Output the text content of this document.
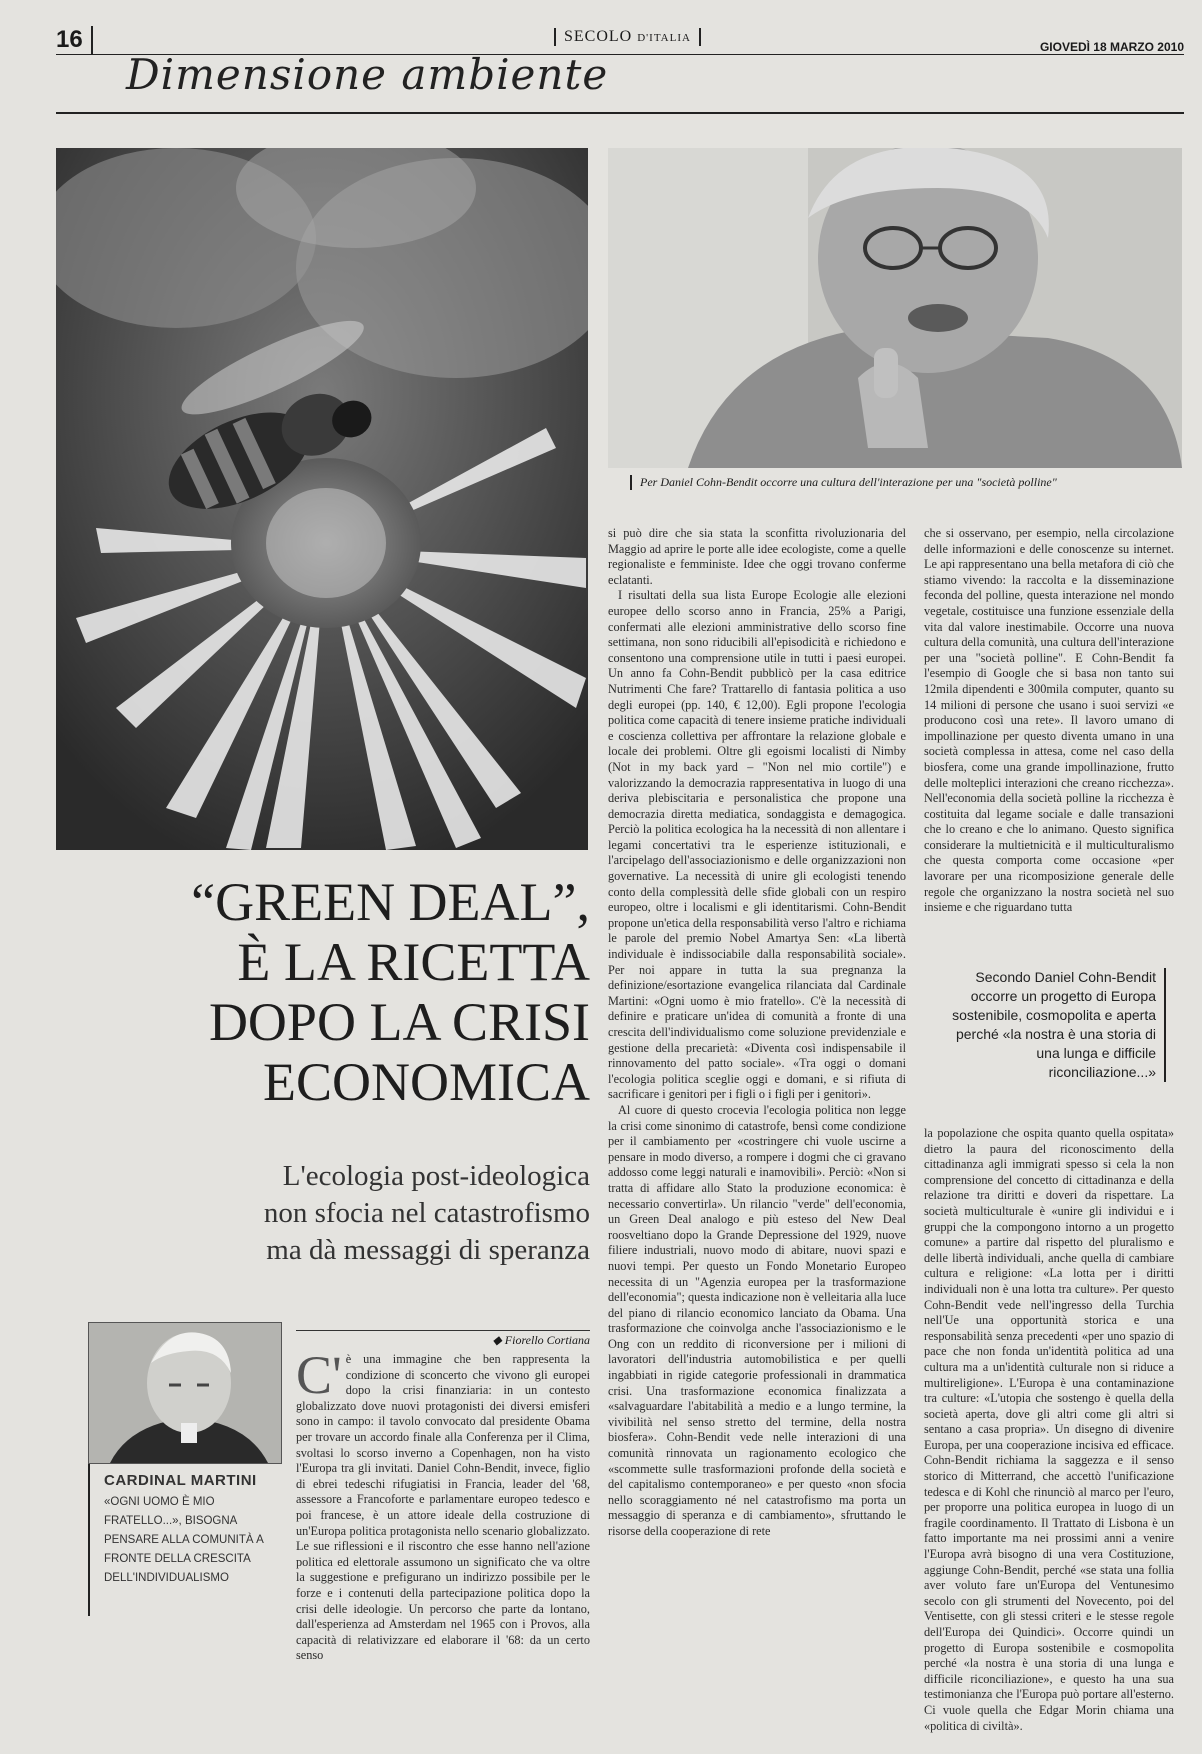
16
Dimensione ambiente
SECOLO D'ITALIA
GIOVEDÌ 18 MARZO 2010
Per Daniel Cohn-Bendit occorre una cultura dell'interazione per una "società polline"
“GREEN DEAL”,
È LA RICETTA
DOPO LA CRISI
ECONOMICA
L'ecologia post-ideologica
non sfocia nel catastrofismo
ma dà messaggi di speranza
CARDINAL MARTINI
«OGNI UOMO È MIO FRATELLO...», BISOGNA PENSARE ALLA COMUNITÀ A FRONTE DELLA CRESCITA DELL'INDIVIDUALISMO
◆ Fiorello Cortiana
C' è una immagine che ben rappresenta la condizione di sconcerto che vivono gli europei dopo la crisi finanziaria: in un contesto globalizzato dove nuovi protagonisti dei diversi emisferi sono in campo: il tavolo convocato dal presidente Obama per trovare un accordo finale alla Conferenza per il Clima, svoltasi lo scorso inverno a Copenhagen, non ha visto l'Europa tra gli invitati. Daniel Cohn-Bendit, invece, figlio di ebrei tedeschi rifugiatisi in Francia, leader del '68, assessore a Francoforte e parlamentare europeo tedesco e poi francese, è un attore ideale della costruzione di un'Europa politica protagonista nello scenario globalizzato. Le sue riflessioni e il riscontro che esse hanno nell'azione politica ed elettorale assumono un significato che va oltre la suggestione e prefigurano un indirizzo possibile per le forze e i contenuti della partecipazione politica dopo la crisi delle ideologie. Un percorso che parte da lontano, dall'esperienza ad Amsterdam nel 1965 con i Provos, alla capacità di relativizzare ed elaborare il '68: da un certo senso

si può dire che sia stata la sconfitta rivoluzionaria del Maggio ad aprire le porte alle idee ecologiste, come a quelle regionaliste e femministe. Idee che oggi trovano conferme eclatanti.

I risultati della sua lista Europe Ecologie alle elezioni europee dello scorso anno in Francia, 25% a Parigi, confermati alle elezioni amministrative dello scorso fine settimana, non sono riducibili all'episodicità e richiedono e consentono una comprensione utile in tutti i paesi europei. Un anno fa Cohn-Bendit pubblicò per la casa editrice Nutrimenti Che fare? Trattarello di fantasia politica a uso degli europei (pp. 140, € 12,00). Egli propone l'ecologia politica come capacità di tenere insieme pratiche individuali e coscienza collettiva per affrontare la relazione globale e locale dei problemi. Oltre gli egoismi localisti di Nimby (Not in my back yard – "Non nel mio cortile") e valorizzando la democrazia rappresentativa in luogo di una deriva plebiscitaria e personalistica che propone una democrazia diretta mediatica, sondaggista e demagogica. Perciò la politica ecologica ha la necessità di non allentare i legami concertativi tra le esperienze istituzionali, e l'arcipelago dell'associazionismo e delle organizzazioni non governative. La necessità di unire gli ecologisti tenendo conto della complessità delle sfide globali con un respiro europeo, oltre i localismi e gli identitarismi. Cohn-Bendit propone un'etica della responsabilità verso l'altro e richiama le parole del premio Nobel Amartya Sen: «La libertà individuale è indissociabile dalla responsabilità sociale». Per noi appare in tutta la sua pregnanza la definizione/esortazione evangelica rilanciata dal Cardinale Martini: «Ogni uomo è mio fratello». C'è la necessità di definire e praticare un'idea di comunità a fronte di una crescita dell'individualismo come soluzione previdenziale e gestione della precarietà: «Diventa così indispensabile il rinnovamento del patto sociale». «Tra oggi o domani l'ecologia politica sceglie oggi e domani, e si rifiuta di sacrificare i genitori per i figli o i figli per i genitori».

Al cuore di questo crocevia l'ecologia politica non legge la crisi come sinonimo di catastrofe, bensì come condizione per il cambiamento per «costringere chi vuole uscirne a pensare in modo diverso, a rompere i dogmi che ci gravano addosso come leggi naturali e inamovibili». Perciò: «Non si tratta di affidare allo Stato la produzione economica: è necessario convertirla». Un rilancio "verde" dell'economia, un Green Deal analogo e più esteso del New Deal roosveltiano dopo la Grande Depressione del 1929, nuove filiere industriali, nuovo modo di abitare, nuovi spazi e nuovi tempi. Per questo un Fondo Monetario Europeo necessita di un "Agenzia europea per la trasformazione dell'economia"; questa indicazione non è velleitaria alla luce del piano di rilancio economico lanciato da Obama. Una trasformazione che coinvolga anche l'associazionismo e le Ong con un reddito di riconversione per i milioni di lavoratori dell'industria automobilistica e per quelli ingabbiati in rigide categorie professionali in drammatica crisi. Una trasformazione economica finalizzata a «salvaguardare l'abitabilità a medio e a lungo termine, la vivibilità nel senso stretto del termine, della nostra biosfera». Cohn-Bendit vede nelle interazioni di una comunità rinnovata un ragionamento ecologico che «scommette sulle trasformazioni profonde della società e del capitalismo contemporaneo» e per questo «non sfocia nello scoraggiamento né nel catastrofismo ma porta un messaggio di speranza e di cambiamento», sfruttando le risorse della cooperazione di rete

che si osservano, per esempio, nella circolazione delle informazioni e delle conoscenze su internet. Le api rappresentano una bella metafora di ciò che stiamo vivendo: la raccolta e la disseminazione feconda del polline, questa interazione nel mondo vegetale, costituisce una funzione essenziale della vita dal valore inestimabile. Occorre una nuova cultura della comunità, una cultura dell'interazione per una "società polline". E Cohn-Bendit fa l'esempio di Google che si basa non tanto sui 12mila dipendenti e 300mila computer, quanto su 14 milioni di persone che usano i suoi servizi «e producono così una rete». Il lavoro umano di impollinazione per questo diventa umano in una società complessa in attesa, come nel caso della biosfera, come una grande impollinazione, frutto delle molteplici interazioni che creano ricchezza». Nell'economia della società polline la ricchezza è costituita dal legame sociale e dalle transazioni che lo creano e che lo animano. Questo significa considerare la multietnicità e il multiculturalismo che questa comporta come occasione «per lavorare per una ricomposizione generale delle regole che organizzano la nostra società nel suo insieme e che riguardano tutta

Secondo Daniel Cohn-Bendit occorre un progetto di Europa sostenibile, cosmopolita e aperta perché «la nostra è una storia di una lunga e difficile riconciliazione...»

la popolazione che ospita quanto quella ospitata» dietro la paura del riconoscimento della cittadinanza agli immigrati spesso si cela la non comprensione del concetto di cittadinanza e della relazione tra diritti e doveri da rispettare. La società multiculturale è «unire gli individui e i gruppi che la compongono intorno a un progetto comune» a partire dal rispetto del pluralismo e delle libertà individuali, anche quella di cambiare cultura e religione: «La lotta per i diritti individuali non è una lotta tra culture». Per questo Cohn-Bendit vede nell'ingresso della Turchia nell'Ue una opportunità storica e una responsabilità senza precedenti «per uno spazio di pace che non fonda un'identità politica ad una cultura ma a un'identità culturale non si riduce a multireligione». L'Europa è una contaminazione tra culture: «L'utopia che sostengo è quella della società aperta, dove gli altri come gli altri si sentano a casa propria». Un disegno di divenire Europa, per una cooperazione incisiva ed efficace. Cohn-Bendit richiama la saggezza e il senso storico di Mitterrand, che accettò l'unificazione tedesca e di Kohl che rinunciò al marco per l'euro, per proporre una politica europea in luogo di un fragile coordinamento. Il Trattato di Lisbona è un fatto importante ma nei prossimi anni a venire l'Europa avrà bisogno di una vera Costituzione, aggiunge Cohn-Bendit, perché «se stata una follia aver voluto fare un'Europa del Ventunesimo secolo con gli strumenti del Novecento, poi del Ventisette, con gli stessi criteri e le stesse regole dell'Europa dei Quindici». Occorre quindi un progetto di Europa sostenibile e cosmopolita perché «la nostra è una storia di una lunga e difficile riconciliazione», e questo ha una sua testimonianza che l'Europa può portare all'esterno. Ci vuole quella che Edgar Morin chiama una «politica di civiltà».
